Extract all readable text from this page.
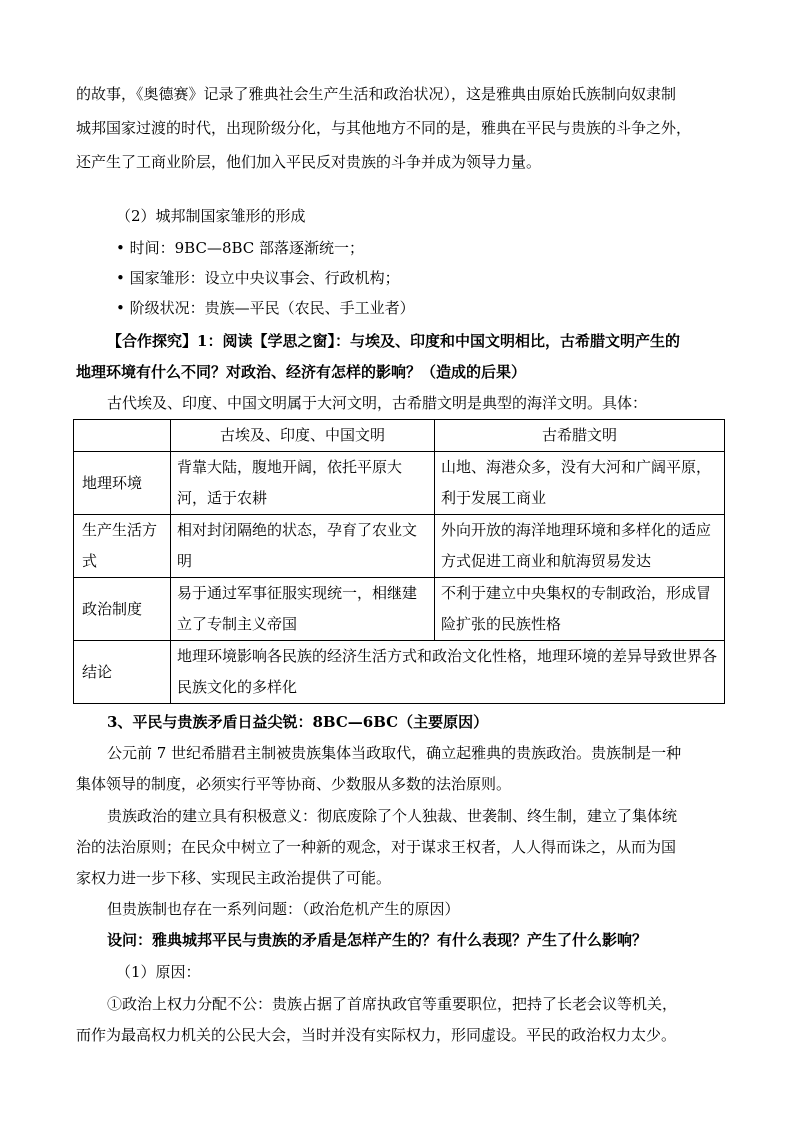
的故事，《奥德赛》记录了雅典社会生产生活和政治状况），这是雅典由原始氏族制向奴隶制
城邦国家过渡的时代，出现阶级分化，与其他地方不同的是，雅典在平民与贵族的斗争之外，
还产生了工商业阶层，他们加入平民反对贵族的斗争并成为领导力量。
（2）城邦制国家雏形的形成
• 时间：9BC—8BC 部落逐渐统一；
• 国家雏形：设立中央议事会、行政机构；
• 阶级状况：贵族—平民（农民、手工业者）
【合作探究】1：阅读【学思之窗】：与埃及、印度和中国文明相比，古希腊文明产生的
地理环境有什么不同？对政治、经济有怎样的影响？（造成的后果）
古代埃及、印度、中国文明属于大河文明，古希腊文明是典型的海洋文明。具体：
	古埃及、印度、中国文明	古希腊文明

地理环境	背靠大陆，腹地开阔，依托平原大河，适于农耕	山地、海港众多，没有大河和广阔平原，利于发展工商业

生产生活方式	相对封闭隔绝的状态，孕育了农业文明	外向开放的海洋地理环境和多样化的适应方式促进工商业和航海贸易发达

政治制度	易于通过军事征服实现统一，相继建立了专制主义帝国	不利于建立中央集权的专制政治，形成冒险扩张的民族性格

结论	地理环境影响各民族的经济生活方式和政治文化性格，地理环境的差异导致世界各民族文化的多样化	
3、平民与贵族矛盾日益尖锐：8BC—6BC（主要原因）
公元前 7 世纪希腊君主制被贵族集体当政取代，确立起雅典的贵族政治。贵族制是一种
集体领导的制度，必须实行平等协商、少数服从多数的法治原则。
贵族政治的建立具有积极意义：彻底废除了个人独裁、世袭制、终生制，建立了集体统
治的法治原则；在民众中树立了一种新的观念，对于谋求王权者，人人得而诛之，从而为国
家权力进一步下移、实现民主政治提供了可能。
但贵族制也存在一系列问题：（政治危机产生的原因）
设问：雅典城邦平民与贵族的矛盾是怎样产生的？有什么表现？产生了什么影响？
（1）原因：
①政治上权力分配不公：贵族占据了首席执政官等重要职位，把持了长老会议等机关，
而作为最高权力机关的公民大会，当时并没有实际权力，形同虚设。平民的政治权力太少。
